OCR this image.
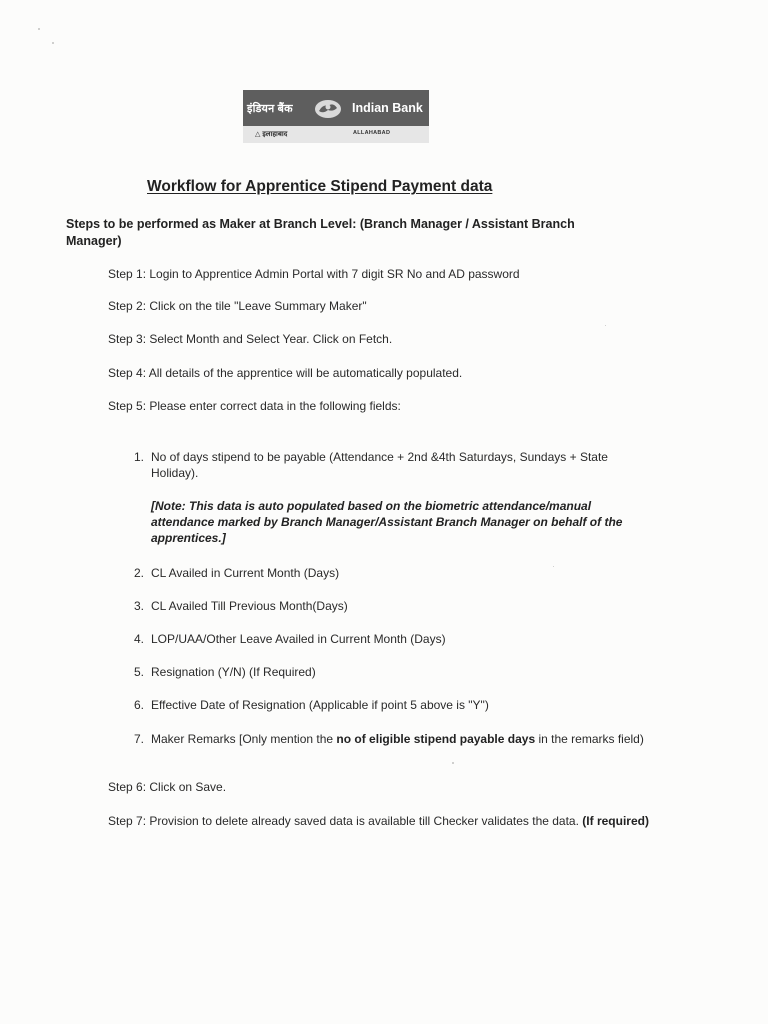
इंडियन बैंक	Indian Bank
△ इलाहाबाद	ALLAHABAD
Workflow for Apprentice Stipend Payment data
Steps to be performed as Maker at Branch Level: (Branch Manager / Assistant Branch Manager)
Step 1: Login to Apprentice Admin Portal with 7 digit SR No and AD password
Step 2: Click on the tile "Leave Summary Maker"
Step 3: Select Month and Select Year. Click on Fetch.
Step 4: All details of the apprentice will be automatically populated.
Step 5: Please enter correct data in the following fields:
1. No of days stipend to be payable (Attendance + 2nd &4th Saturdays, Sundays + State Holiday).
[Note: This data is auto populated based on the biometric attendance/manual attendance marked by Branch Manager/Assistant Branch Manager on behalf of the apprentices.]
2. CL Availed in Current Month (Days)
3. CL Availed Till Previous Month(Days)
4. LOP/UAA/Other Leave Availed in Current Month (Days)
5. Resignation (Y/N) (If Required)
6. Effective Date of Resignation (Applicable if point 5 above is "Y")
7. Maker Remarks [Only mention the no of eligible stipend payable days in the remarks field)
Step 6: Click on Save.
Step 7: Provision to delete already saved data is available till Checker validates the data. (If required)
